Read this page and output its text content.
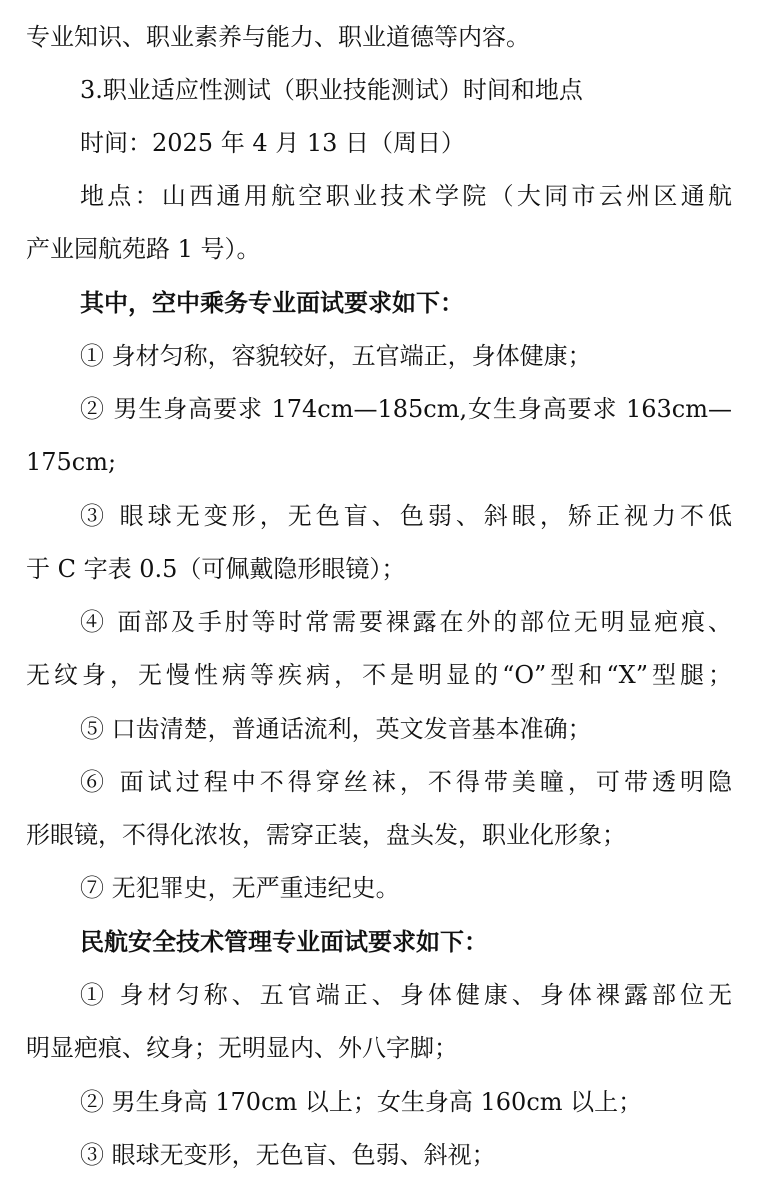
专业知识、职业素养与能力、职业道德等内容。
3.职业适应性测试（职业技能测试）时间和地点
时间：2025 年 4 月 13 日（周日）
地点：山西通用航空职业技术学院（大同市云州区通航
产业园航苑路 1 号）。
其中，空中乘务专业面试要求如下：
① 身材匀称，容貌较好，五官端正，身体健康；
② 男生身高要求 174cm—185cm,女生身高要求 163cm—
175cm;
③ 眼球无变形，无色盲、色弱、斜眼，矫正视力不低
于 C 字表 0.5（可佩戴隐形眼镜）；
④ 面部及手肘等时常需要裸露在外的部位无明显疤痕、
无纹身，无慢性病等疾病，不是明显的“O”型和“X”型腿；
⑤ 口齿清楚，普通话流利，英文发音基本准确；
⑥ 面试过程中不得穿丝袜，不得带美瞳，可带透明隐
形眼镜，不得化浓妆，需穿正装，盘头发，职业化形象；
⑦ 无犯罪史，无严重违纪史。
民航安全技术管理专业面试要求如下：
① 身材匀称、五官端正、身体健康、身体裸露部位无
明显疤痕、纹身；无明显内、外八字脚；
② 男生身高 170cm 以上；女生身高 160cm 以上；
③ 眼球无变形，无色盲、色弱、斜视；
